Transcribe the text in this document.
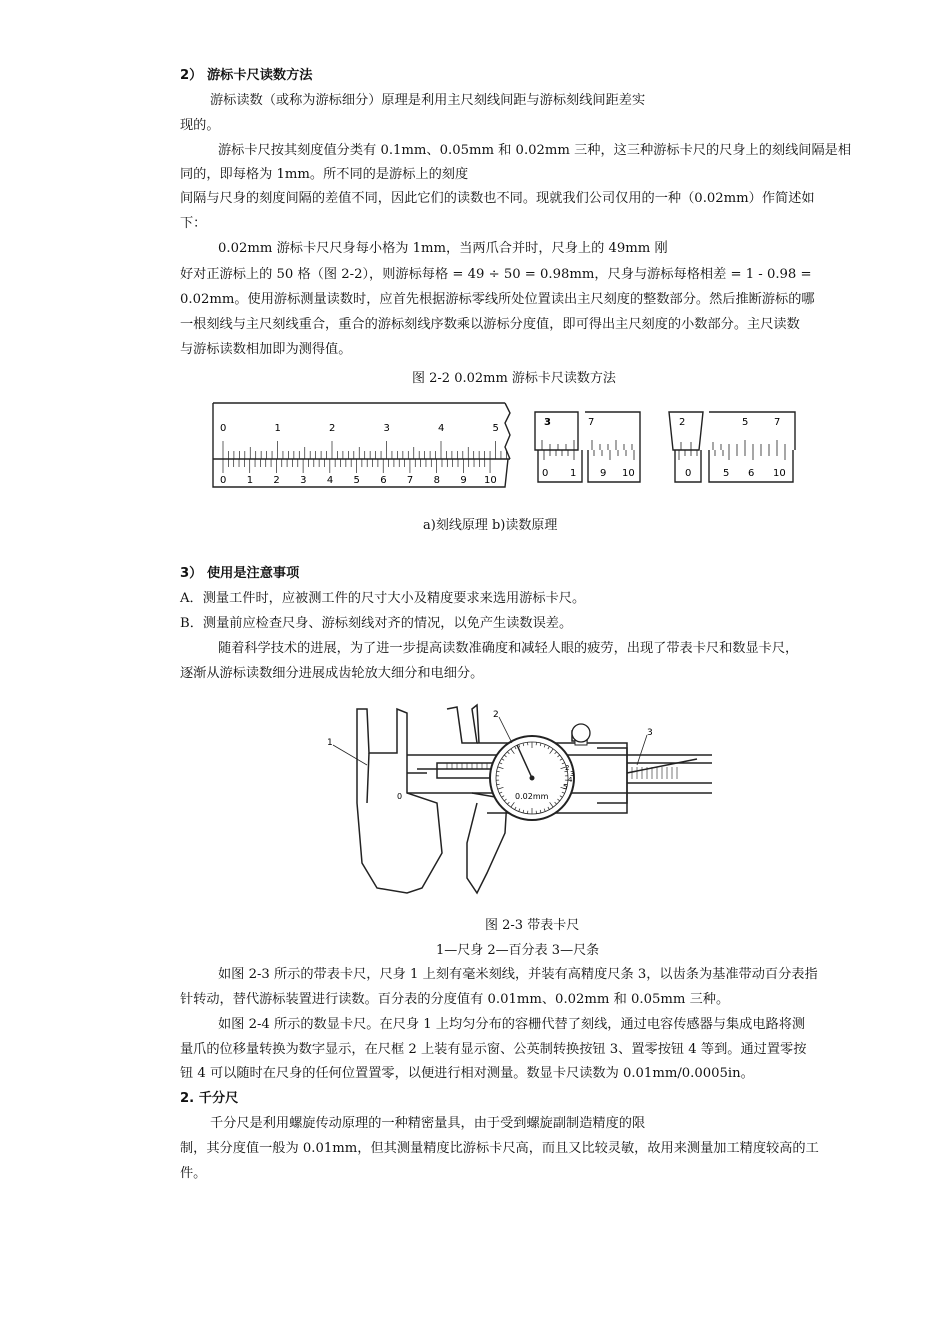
2） 游标卡尺读数方法
游标读数（或称为游标细分）原理是利用主尺刻线间距与游标刻线间距差实
现的。
游标卡尺按其刻度值分类有 0.1mm、0.05mm 和 0.02mm 三种，这三种游标卡尺的尺身上的刻线间隔是相
同的，即每格为 1mm。所不同的是游标上的刻度
间隔与尺身的刻度间隔的差值不同，因此它们的读数也不同。现就我们公司仅用的一种（0.02mm）作简述如
下：
0.02mm 游标卡尺尺身每小格为 1mm，当两爪合并时，尺身上的 49mm 刚
好对正游标上的 50 格（图 2-2），则游标每格 = 49 ÷ 50 = 0.98mm，尺身与游标每格相差 = 1 - 0.98 =
0.02mm。使用游标测量读数时，应首先根据游标零线所处位置读出主尺刻度的整数部分。然后推断游标的哪
一根刻线与主尺刻线重合，重合的游标刻线序数乘以游标分度值，即可得出主尺刻度的小数部分。主尺读数
与游标读数相加即为测得值。
图 2-2 0.02mm 游标卡尺读数方法
0	1	2	3	4	5
0 1 2 3 4 5 6 7 8 9 10
3	7
0 1 9 10
2	5	7
0	5 6 10
a)刻线原理 b)读数原理
3） 使用是注意事项
A．测量工件时，应被测工件的尺寸大小及精度要求来选用游标卡尺。
B．测量前应检查尺身、游标刻线对齐的情况，以免产生读数误差。
随着科学技术的进展，为了进一步提高读数准确度和减轻人眼的疲劳，出现了带表卡尺和数显卡尺，
逐渐从游标读数细分进展成齿轮放大细分和电细分。
0.02mm
2
3
4
5
0
1
2
3
图 2-3 带表卡尺
1—尺身 2—百分表 3—尺条
如图 2-3 所示的带表卡尺，尺身 1 上刻有毫米刻线，并装有高精度尺条 3，以齿条为基准带动百分表指
针转动，替代游标装置进行读数。百分表的分度值有 0.01mm、0.02mm 和 0.05mm 三种。
如图 2-4 所示的数显卡尺。在尺身 1 上均匀分布的容栅代替了刻线，通过电容传感器与集成电路将测
量爪的位移量转换为数字显示，在尺框 2 上装有显示窗、公英制转换按钮 3、置零按钮 4 等到。通过置零按
钮 4 可以随时在尺身的任何位置置零，以便进行相对测量。数显卡尺读数为 0.01mm/0.0005in。
2. 千分尺
千分尺是利用螺旋传动原理的一种精密量具，由于受到螺旋副制造精度的限
制，其分度值一般为 0.01mm，但其测量精度比游标卡尺高，而且又比较灵敏，故用来测量加工精度较高的工
件。
